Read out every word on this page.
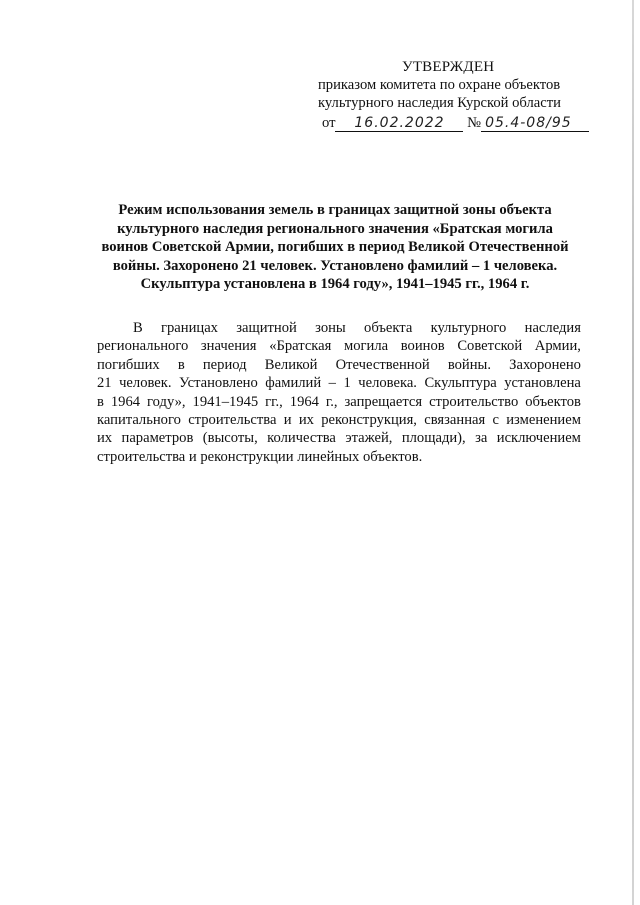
УТВЕРЖДЕН
приказом комитета по охране объектов
культурного наследия Курской области
от 16.02.2022 № 05.4-08/95
Режим использования земель в границах защитной зоны объекта
культурного наследия регионального значения «Братская могила
воинов Советской Армии, погибших в период Великой Отечественной
войны. Захоронено 21 человек. Установлено фамилий – 1 человека.
Скульптура установлена в 1964 году», 1941–1945 гг., 1964 г.
В границах защитной зоны объекта культурного наследия
регионального значения «Братская могила воинов Советской Армии,
погибших в период Великой Отечественной войны. Захоронено
21 человек. Установлено фамилий – 1 человека. Скульптура установлена
в 1964 году», 1941–1945 гг., 1964 г., запрещается строительство объектов
капитального строительства и их реконструкция, связанная с изменением
их параметров (высоты, количества этажей, площади), за исключением
строительства и реконструкции линейных объектов.
